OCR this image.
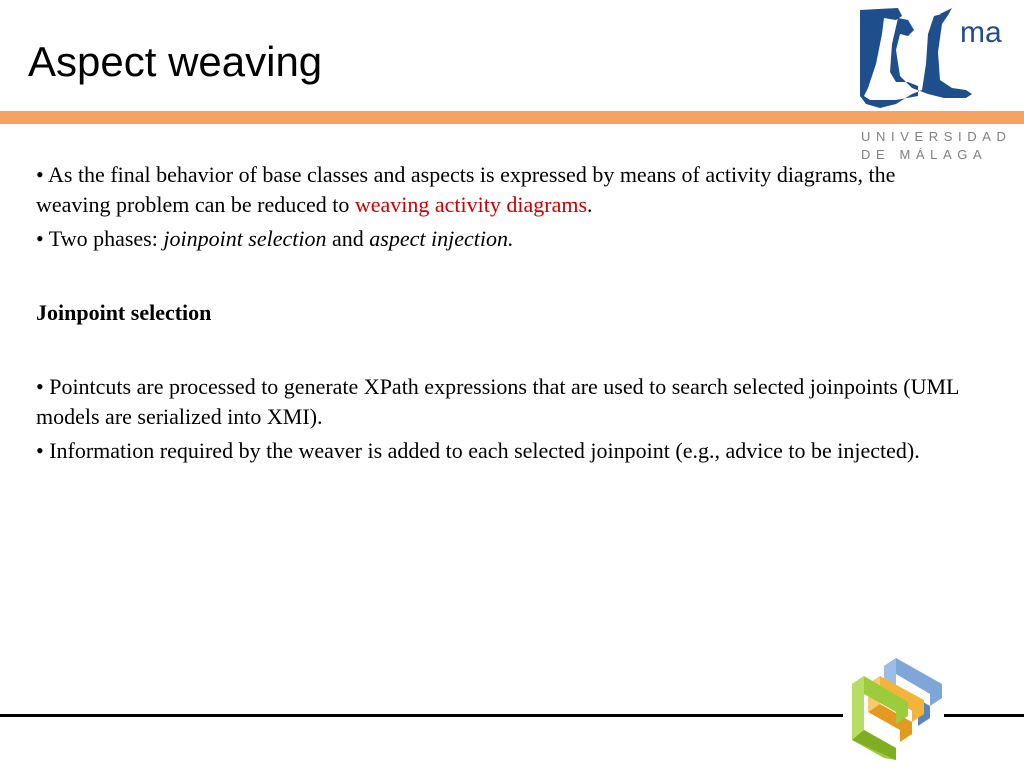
Aspect weaving
ma
UNIVERSIDAD
DE MÁLAGA

• As the final behavior of base classes and aspects is expressed by means of activity diagrams, the weaving problem can be reduced to weaving activity diagrams.

• Two phases: joinpoint selection and aspect injection.

Joinpoint selection

• Pointcuts are processed to generate XPath expressions that are used to search selected joinpoints (UML models are serialized into XMI).

• Information required by the weaver is added to each selected joinpoint (e.g., advice to be injected).
